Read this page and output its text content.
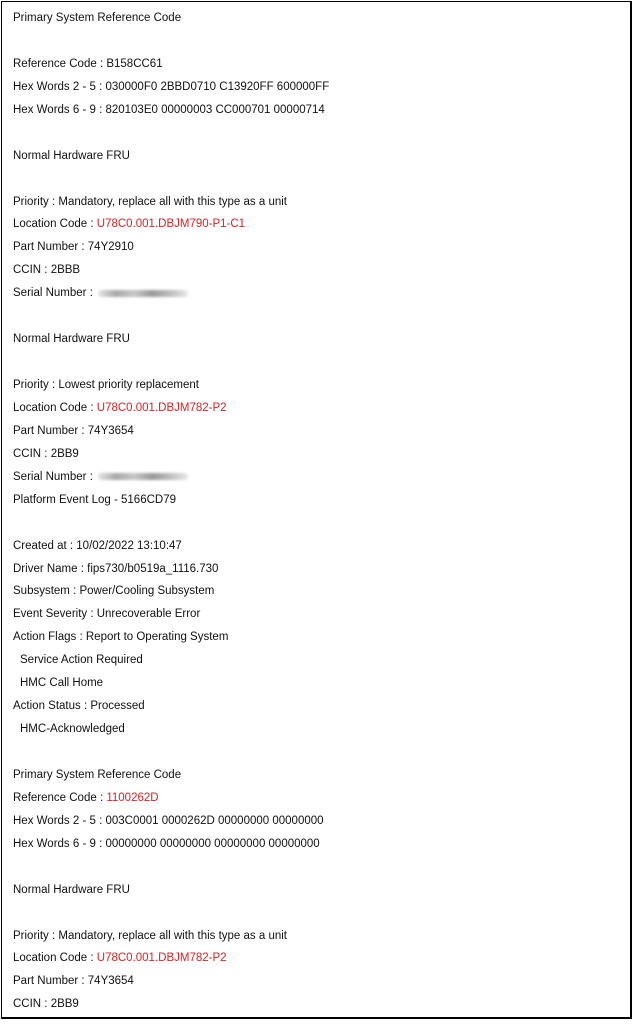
Primary System Reference Code
Reference Code : B158CC61
Hex Words 2 - 5 : 030000F0 2BBD0710 C13920FF 600000FF
Hex Words 6 - 9 : 820103E0 00000003 CC000701 00000714
Normal Hardware FRU
Priority : Mandatory, replace all with this type as a unit
Location Code : U78C0.001.DBJM790-P1-C1
Part Number : 74Y2910
CCIN : 2BBB
Serial Number :
Normal Hardware FRU
Priority : Lowest priority replacement
Location Code : U78C0.001.DBJM782-P2
Part Number : 74Y3654
CCIN : 2BB9
Serial Number :
Platform Event Log - 5166CD79
Created at : 10/02/2022 13:10:47
Driver Name : fips730/b0519a_1116.730
Subsystem : Power/Cooling Subsystem
Event Severity : Unrecoverable Error
Action Flags : Report to Operating System
Service Action Required
HMC Call Home
Action Status : Processed
HMC-Acknowledged
Primary System Reference Code
Reference Code : 1100262D
Hex Words 2 - 5 : 003C0001 0000262D 00000000 00000000
Hex Words 6 - 9 : 00000000 00000000 00000000 00000000
Normal Hardware FRU
Priority : Mandatory, replace all with this type as a unit
Location Code : U78C0.001.DBJM782-P2
Part Number : 74Y3654
CCIN : 2BB9
